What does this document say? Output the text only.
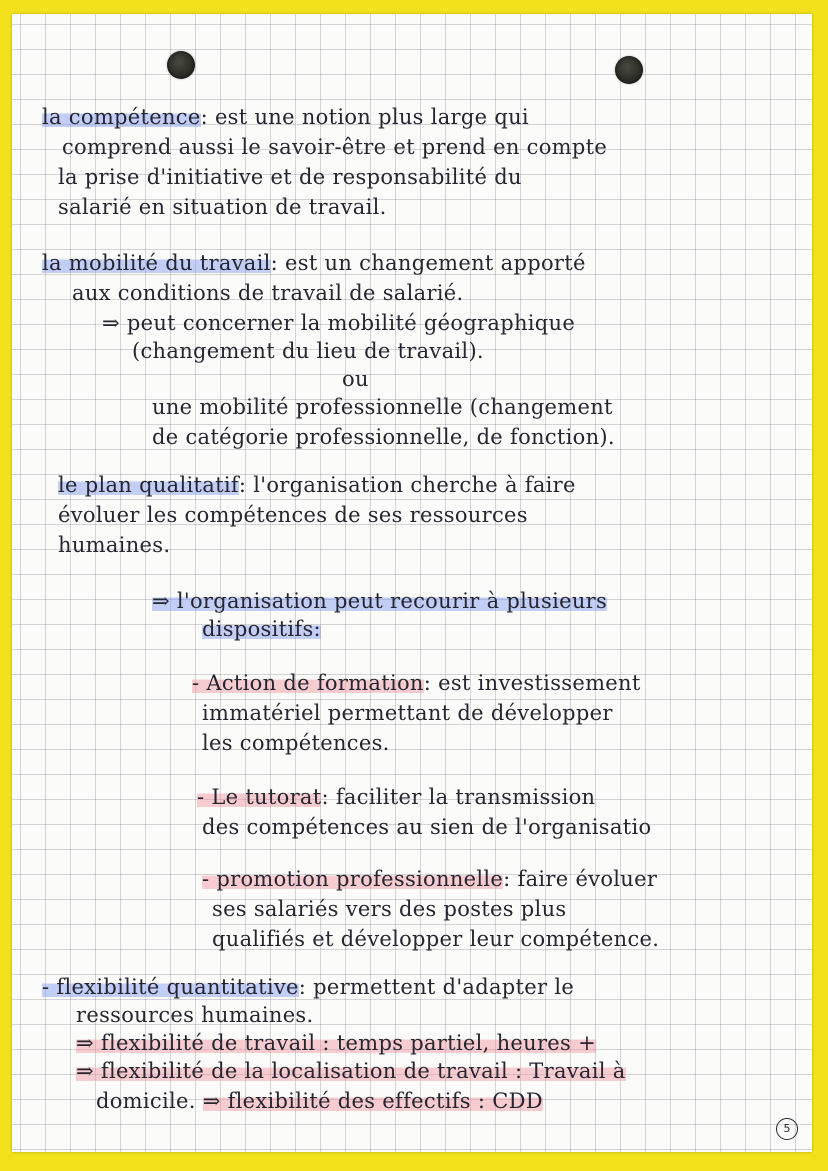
la compétence: est une notion plus large qui
comprend aussi le savoir-être et prend en compte
la prise d'initiative et de responsabilité du
salarié en situation de travail.
la mobilité du travail: est un changement apporté
aux conditions de travail de salarié.
⇒ peut concerner la mobilité géographique
(changement du lieu de travail).
ou
une mobilité professionnelle (changement
de catégorie professionnelle, de fonction).
le plan qualitatif: l'organisation cherche à faire
évoluer les compétences de ses ressources
humaines.
⇒ l'organisation peut recourir à plusieurs
dispositifs:
- Action de formation: est investissement
immatériel permettant de développer
les compétences.
- Le tutorat: faciliter la transmission
des compétences au sien de l'organisatio
- promotion professionnelle: faire évoluer
ses salariés vers des postes plus
qualifiés et développer leur compétence.
- flexibilité quantitative: permettent d'adapter le
ressources humaines.
⇒ flexibilité de travail : temps partiel, heures +
⇒ flexibilité de la localisation de travail : Travail à
domicile. ⇒ flexibilité des effectifs : CDD
5
